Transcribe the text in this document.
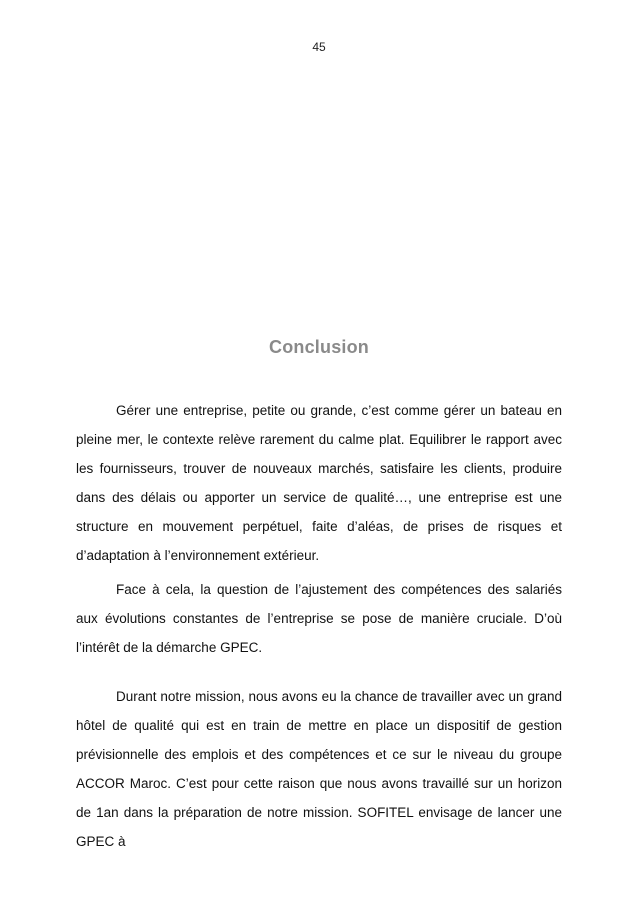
45
Conclusion

Gérer une entreprise, petite ou grande, c’est comme gérer un bateau en pleine mer, le contexte relève rarement du calme plat. Equilibrer le rapport avec les fournisseurs, trouver de nouveaux marchés, satisfaire les clients, produire dans des délais ou apporter un service de qualité…, une entreprise est une structure en mouvement perpétuel, faite d’aléas, de prises de risques et d’adaptation à l’environnement extérieur.

Face à cela, la question de l’ajustement des compétences des salariés aux évolutions constantes de l’entreprise se pose de manière cruciale. D’où l’intérêt de la démarche GPEC.

Durant notre mission, nous avons eu la chance de travailler avec un grand hôtel de qualité qui est en train de mettre en place un dispositif de gestion prévisionnelle des emplois et des compétences et ce sur le niveau du groupe ACCOR Maroc. C’est pour cette raison que nous avons travaillé sur un horizon de 1an dans la préparation de notre mission. SOFITEL envisage de lancer une GPEC à
